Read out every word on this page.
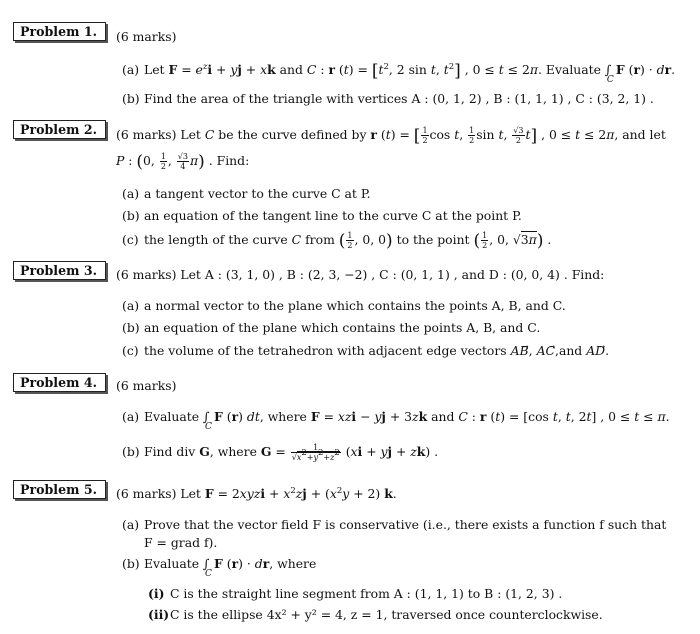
Problem 1.	(6 marks)
(a) Let $F = e^zi$ + yj + xk and C : r $(t) = [t^2$, 2 sin t, $t^2$] , 0 ≤ t ≤ 2π. Evaluate ∫
C
F (r) · dr.
(b) Find the area of the triangle with vertices A : (0, 1, 2) , B : (1, 1, 1) , C : (3, 2, 1) .
Problem 2.	(6 marks) Let C be the curve defined by r (t) = [ $\frac{1}{2}$ cos t, $\frac{1}{2}$ sin t, $\frac{√3}{2} t$] , 0 ≤ t ≤ 2π, and let
P : (0, $\frac{1}{2}$ , $\frac{√3}{4} \pi$) . Find:
(a) a tangent vector to the curve C at P.
(b) an equation of the tangent line to the curve C at the point P.
(c) the length of the curve C from ( $\frac{1}{2}$ , 0, 0) to the point ( $\frac{1}{2}$ , 0, √3π) .
Problem 3.	(6 marks) Let A : (3, 1, 0) , B : (2, 3, −2) , C : (0, 1, 1) , and D : (0, 0, 4) . Find:
(a) a normal vector to the plane which contains the points A, B, and C.
(b) an equation of the plane which contains the points A, B, and C.
(c) the volume of the tetrahedron with adjacent edge vectors AB⃗, AC⃗,and AD⃗.
Problem 4.	(6 marks)
(a) Evaluate ∫
C
F (r) dt, where F = xzi − yj + 3zk and C : r (t) = [cos t, t, 2t] , 0 ≤ t ≤ π.
(b) Find div G, where $G = \frac{1}{√x^2+y^2+z^2} (xi$ + yj + zk) .
Problem 5.	(6 marks) Let F = 2xyzi + $x^2zj + (x^2y + 2)$ k.
(a) Prove that the vector field F is conservative (i.e., there exists a function f such that
F = grad f).
(b) Evaluate ∫
C
F (r) · dr, where
(i) C is the straight line segment from A : (1, 1, 1) to B : (1, 2, 3) .
(ii)C is the ellipse 4x² + y² = 4, z = 1, traversed once counterclockwise.
